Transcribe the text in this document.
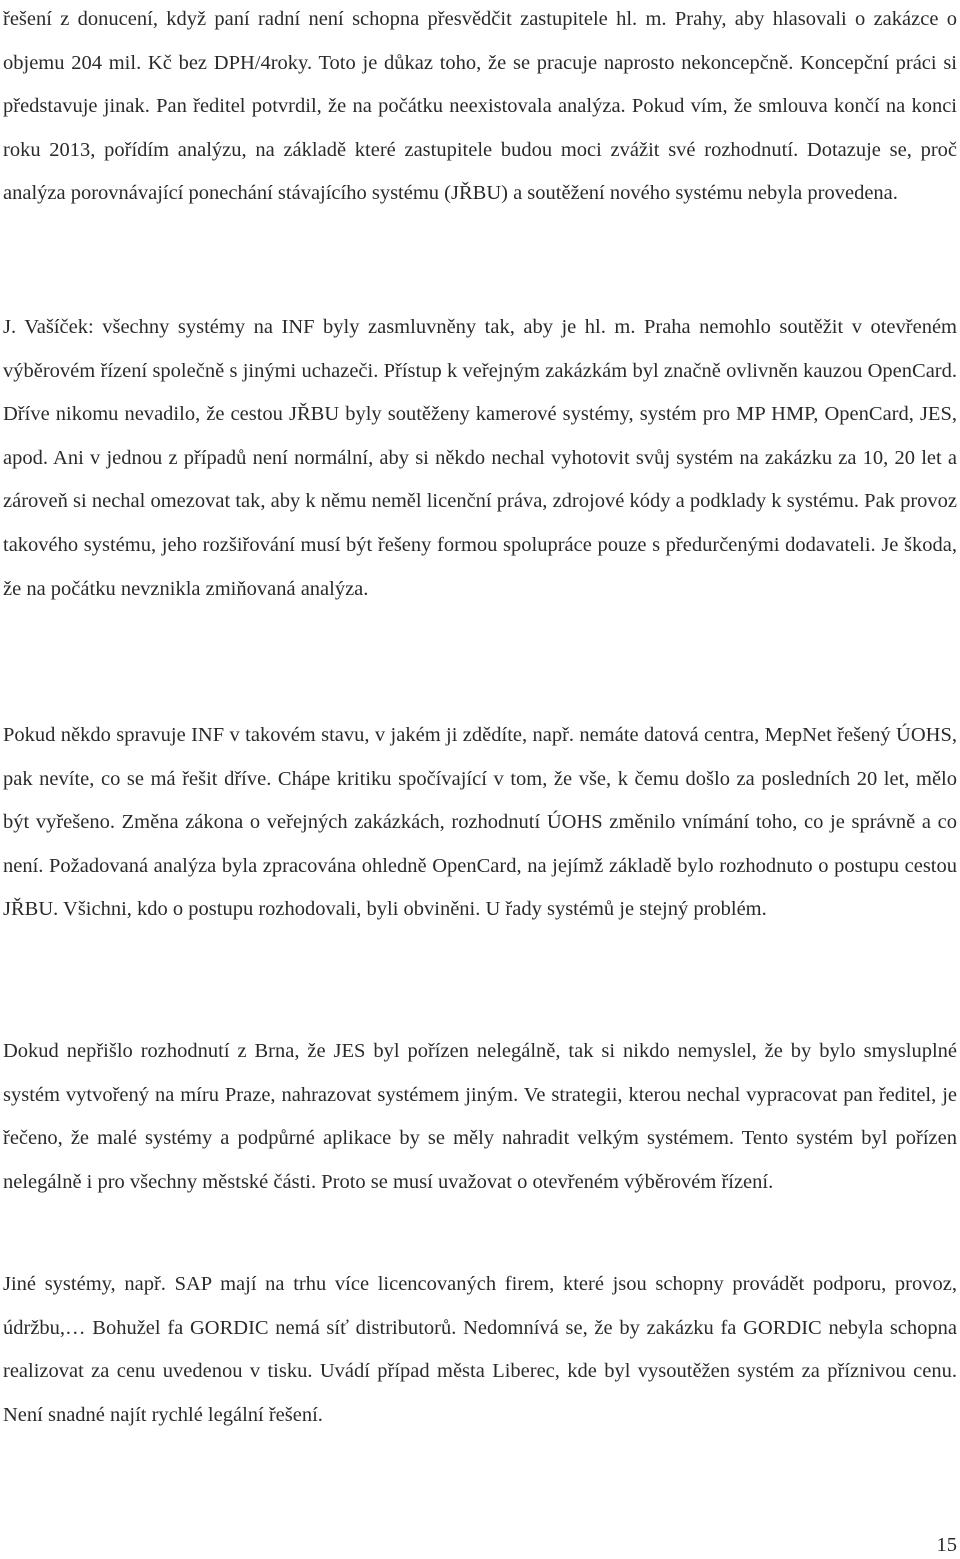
řešení z donucení, když paní radní není schopna přesvědčit zastupitele hl. m. Prahy, aby hlasovali o zakázce o objemu 204 mil. Kč bez DPH/4roky. Toto je důkaz toho, že se pracuje naprosto nekoncepčně. Koncepční práci si představuje jinak. Pan ředitel potvrdil, že na počátku neexistovala analýza. Pokud vím, že smlouva končí na konci roku 2013, pořídím analýzu, na základě které zastupitele budou moci zvážit své rozhodnutí. Dotazuje se, proč analýza porovnávající ponechání stávajícího systému (JŘBU) a soutěžení nového systému nebyla provedena.

J. Vašíček: všechny systémy na INF byly zasmluvněny tak, aby je hl. m. Praha nemohlo soutěžit v otevřeném výběrovém řízení společně s jinými uchazeči. Přístup k veřejným zakázkám byl značně ovlivněn kauzou OpenCard. Dříve nikomu nevadilo, že cestou JŘBU byly soutěženy kamerové systémy, systém pro MP HMP, OpenCard, JES, apod. Ani v jednou z případů není normální, aby si někdo nechal vyhotovit svůj systém na zakázku za 10, 20 let a zároveň si nechal omezovat tak, aby k němu neměl licenční práva, zdrojové kódy a podklady k systému. Pak provoz takového systému, jeho rozšiřování musí být řešeny formou spolupráce pouze s předurčenými dodavateli. Je škoda, že na počátku nevznikla zmiňovaná analýza.

Pokud někdo spravuje INF v takovém stavu, v jakém ji zdědíte, např. nemáte datová centra, MepNet řešený ÚOHS, pak nevíte, co se má řešit dříve. Chápe kritiku spočívající v tom, že vše, k čemu došlo za posledních 20 let, mělo být vyřešeno. Změna zákona o veřejných zakázkách, rozhodnutí ÚOHS změnilo vnímání toho, co je správně a co není. Požadovaná analýza byla zpracována ohledně OpenCard, na jejímž základě bylo rozhodnuto o postupu cestou JŘBU. Všichni, kdo o postupu rozhodovali, byli obviněni. U řady systémů je stejný problém.

Dokud nepřišlo rozhodnutí z Brna, že JES byl pořízen nelegálně, tak si nikdo nemyslel, že by bylo smysluplné systém vytvořený na míru Praze, nahrazovat systémem jiným. Ve strategii, kterou nechal vypracovat pan ředitel, je řečeno, že malé systémy a podpůrné aplikace by se měly nahradit velkým systémem. Tento systém byl pořízen nelegálně i pro všechny městské části. Proto se musí uvažovat o otevřeném výběrovém řízení.

Jiné systémy, např. SAP mají na trhu více licencovaných firem, které jsou schopny provádět podporu, provoz, údržbu,… Bohužel fa GORDIC nemá síť distributorů. Nedomnívá se, že by zakázku fa GORDIC nebyla schopna realizovat za cenu uvedenou v tisku. Uvádí případ města Liberec, kde byl vysoutěžen systém za příznivou cenu. Není snadné najít rychlé legální řešení.

15
